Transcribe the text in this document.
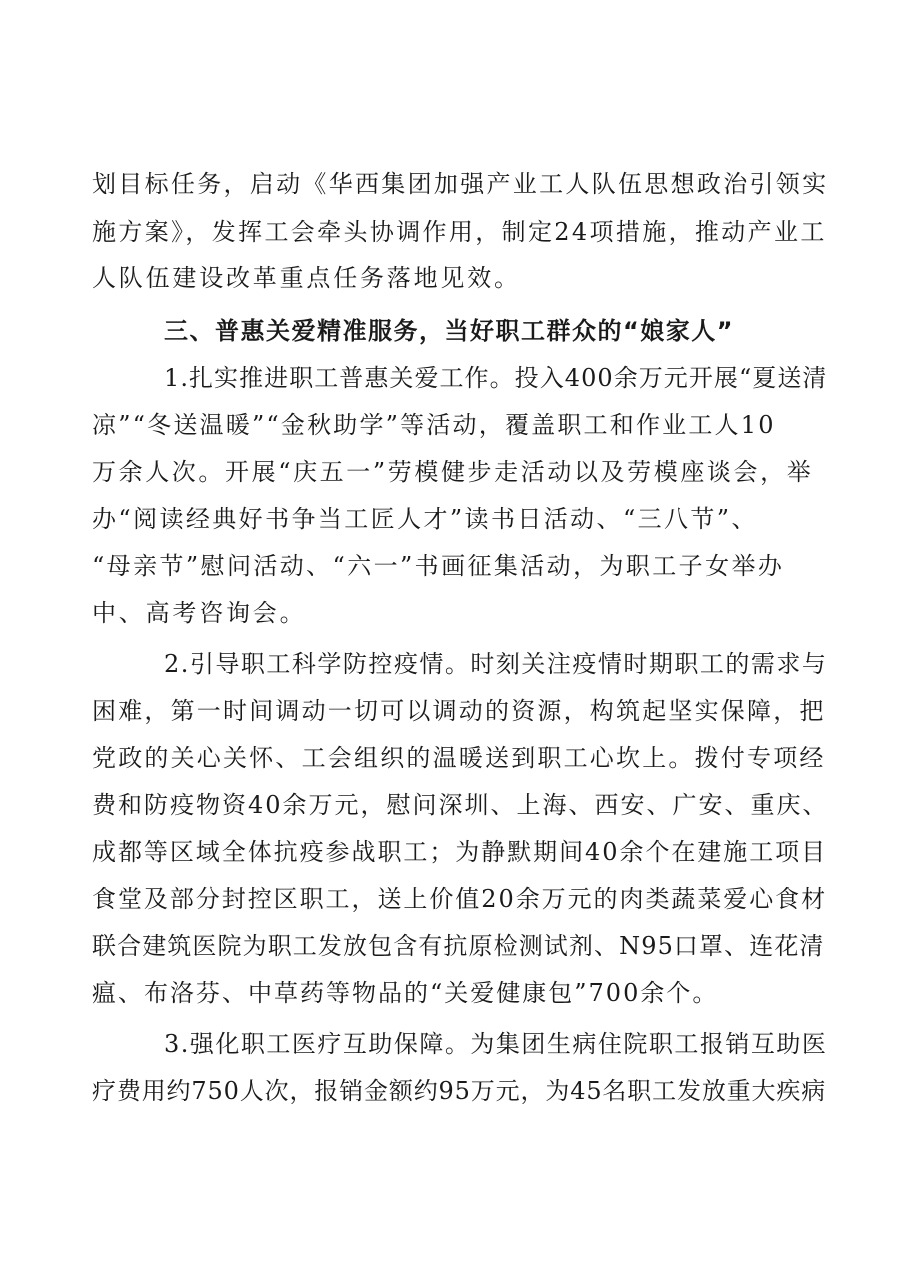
划目标任务，启动《华西集团加强产业工人队伍思想政治引领实
施方案》，发挥工会牵头协调作用，制定24项措施，推动产业工
人队伍建设改革重点任务落地见效。
三、普惠关爱精准服务，当好职工群众的“娘家人”
1.扎实推进职工普惠关爱工作。投入400余万元开展“夏送清
凉”“冬送温暖”“金秋助学”等活动，覆盖职工和作业工人10
万余人次。开展“庆五一”劳模健步走活动以及劳模座谈会，举
办“阅读经典好书争当工匠人才”读书日活动、“三八节”、
“母亲节”慰问活动、“六一”书画征集活动，为职工子女举办
中、高考咨询会。
2.引导职工科学防控疫情。时刻关注疫情时期职工的需求与
困难，第一时间调动一切可以调动的资源，构筑起坚实保障，把
党政的关心关怀、工会组织的温暖送到职工心坎上。拨付专项经
费和防疫物资40余万元，慰问深圳、上海、西安、广安、重庆、
成都等区域全体抗疫参战职工；为静默期间40余个在建施工项目
食堂及部分封控区职工，送上价值20余万元的肉类蔬菜爱心食材
联合建筑医院为职工发放包含有抗原检测试剂、N95口罩、连花清
瘟、布洛芬、中草药等物品的“关爱健康包”700余个。
3.强化职工医疗互助保障。为集团生病住院职工报销互助医
疗费用约750人次，报销金额约95万元，为45名职工发放重大疾病
